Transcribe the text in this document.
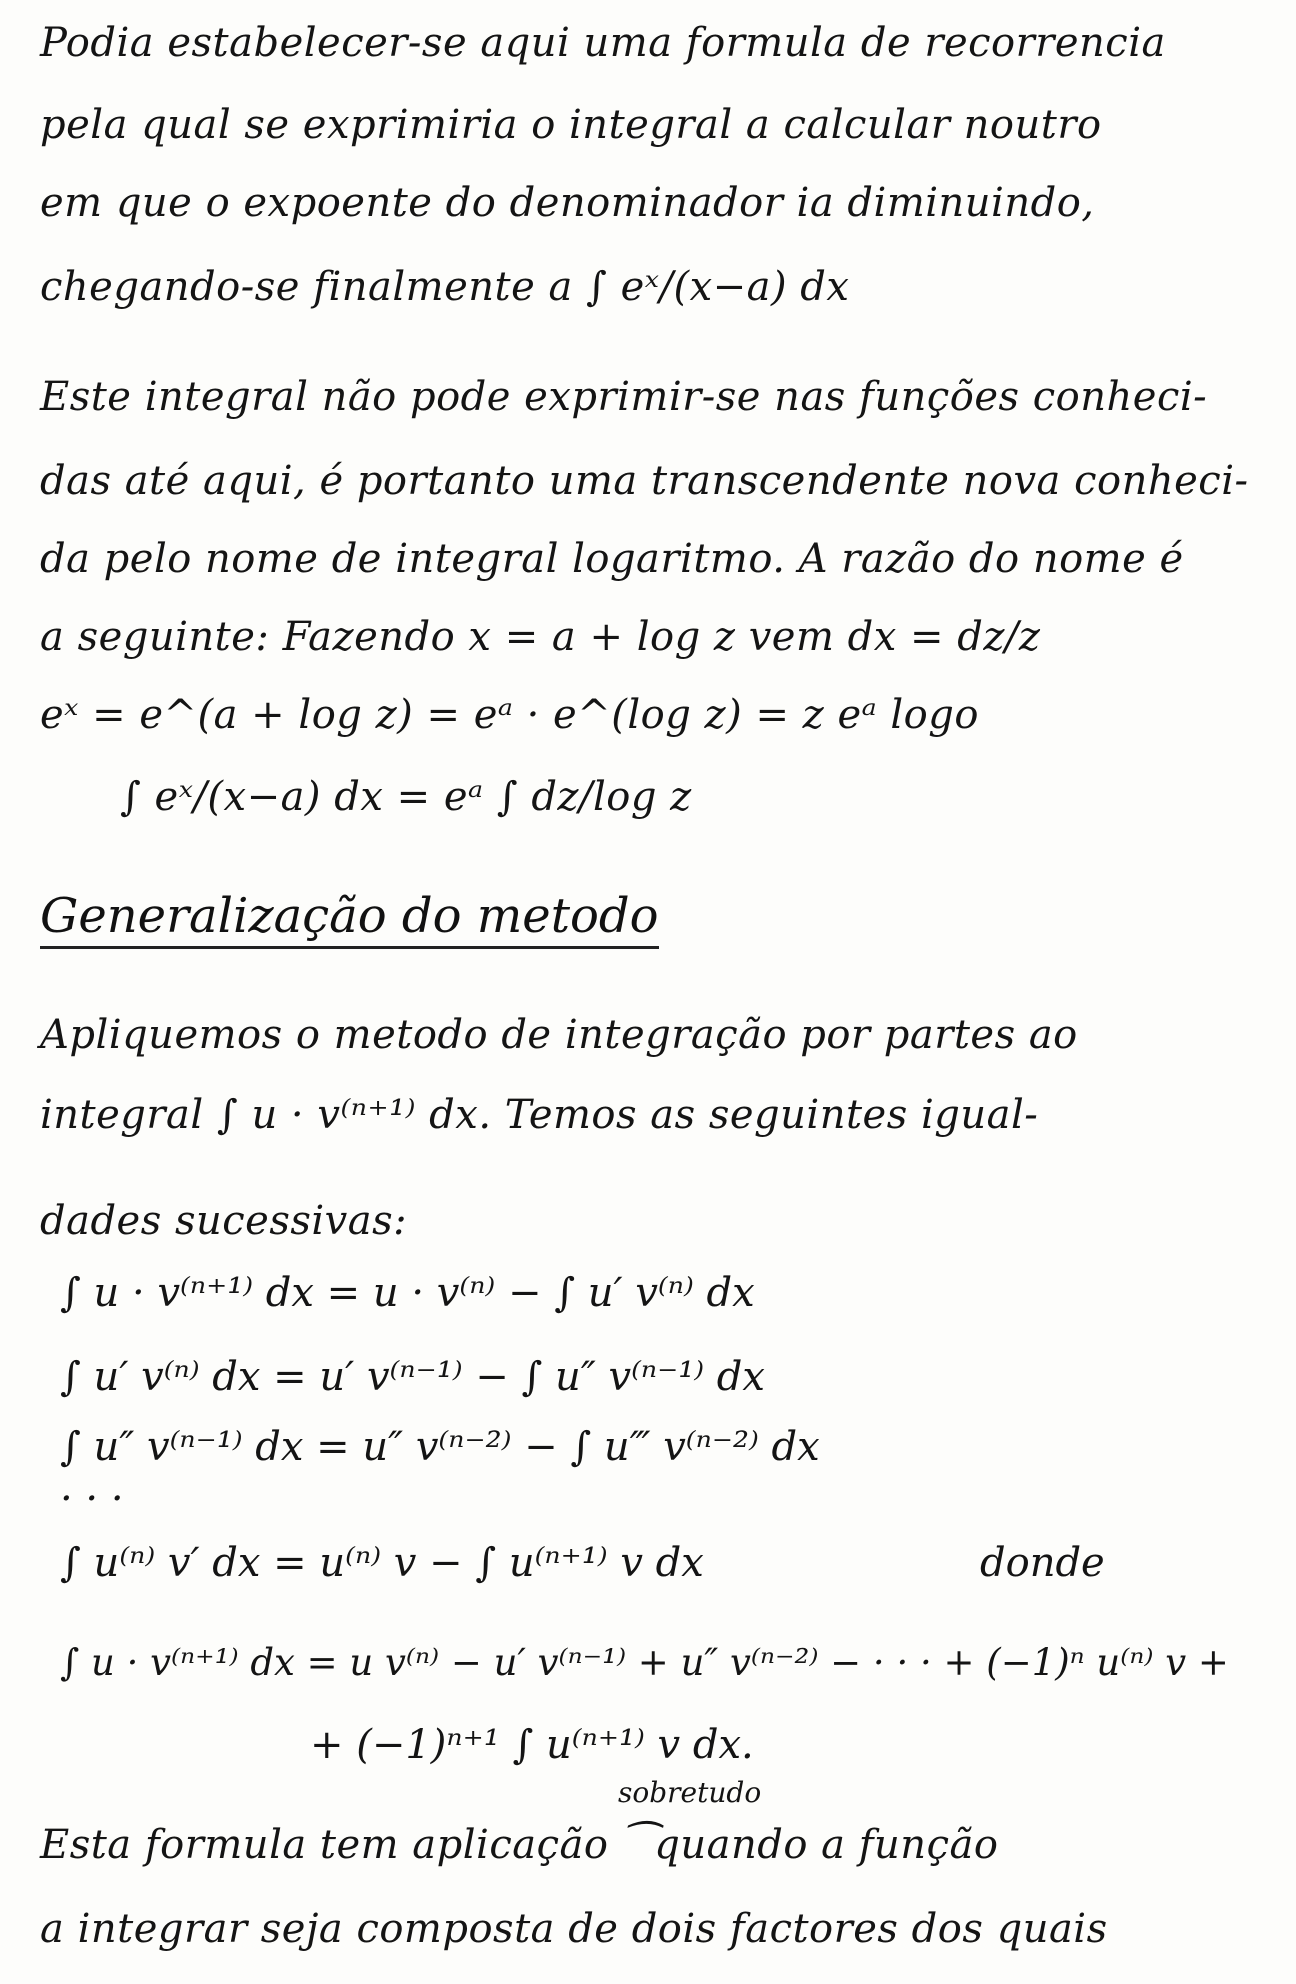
Podia estabelecer-se aqui uma formula de recorrencia
pela qual se exprimiria o integral a calcular noutro
em que o expoente do denominador ia diminuindo,
chegando-se finalmente a ∫ eˣ/(x−a) dx
Este integral não pode exprimir-se nas funções conheci-
das até aqui, é portanto uma transcendente nova conheci-
da pelo nome de integral logaritmo. A razão do nome é
a seguinte: Fazendo x = a + log z vem dx = dz/z
eˣ = e^(a + log z) = eᵃ · e^(log z) = z eᵃ logo
∫ eˣ/(x−a) dx = eᵃ ∫ dz/log z
Generalização do metodo
Apliquemos o metodo de integração por partes ao
integral ∫ u · v⁽ⁿ⁺¹⁾ dx. Temos as seguintes igual-
dades sucessivas:
∫ u · v⁽ⁿ⁺¹⁾ dx = u · v⁽ⁿ⁾ − ∫ u′ v⁽ⁿ⁾ dx
∫ u′ v⁽ⁿ⁾ dx = u′ v⁽ⁿ⁻¹⁾ − ∫ u″ v⁽ⁿ⁻¹⁾ dx
∫ u″ v⁽ⁿ⁻¹⁾ dx = u″ v⁽ⁿ⁻²⁾ − ∫ u‴ v⁽ⁿ⁻²⁾ dx
· · ·
∫ u⁽ⁿ⁾ v′ dx = u⁽ⁿ⁾ v − ∫ u⁽ⁿ⁺¹⁾ v dx	donde
∫ u · v⁽ⁿ⁺¹⁾ dx = u v⁽ⁿ⁾ − u′ v⁽ⁿ⁻¹⁾ + u″ v⁽ⁿ⁻²⁾ − · · · + (−1)ⁿ u⁽ⁿ⁾ v +
+ (−1)ⁿ⁺¹ ∫ u⁽ⁿ⁺¹⁾ v dx.
sobretudo
Esta formula tem aplicação ⁀quando a função
a integrar seja composta de dois factores dos quais
